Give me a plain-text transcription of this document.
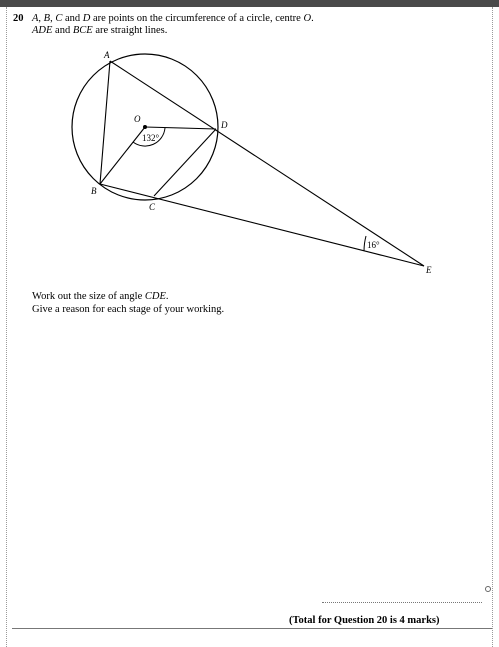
20 A, B, C and D are points on the circumference of a circle, centre O.
ADE and BCE are straight lines.
A
B
C
D
O
E
132°
16°
Work out the size of angle CDE.
Give a reason for each stage of your working.
(Total for Question 20 is 4 marks)
